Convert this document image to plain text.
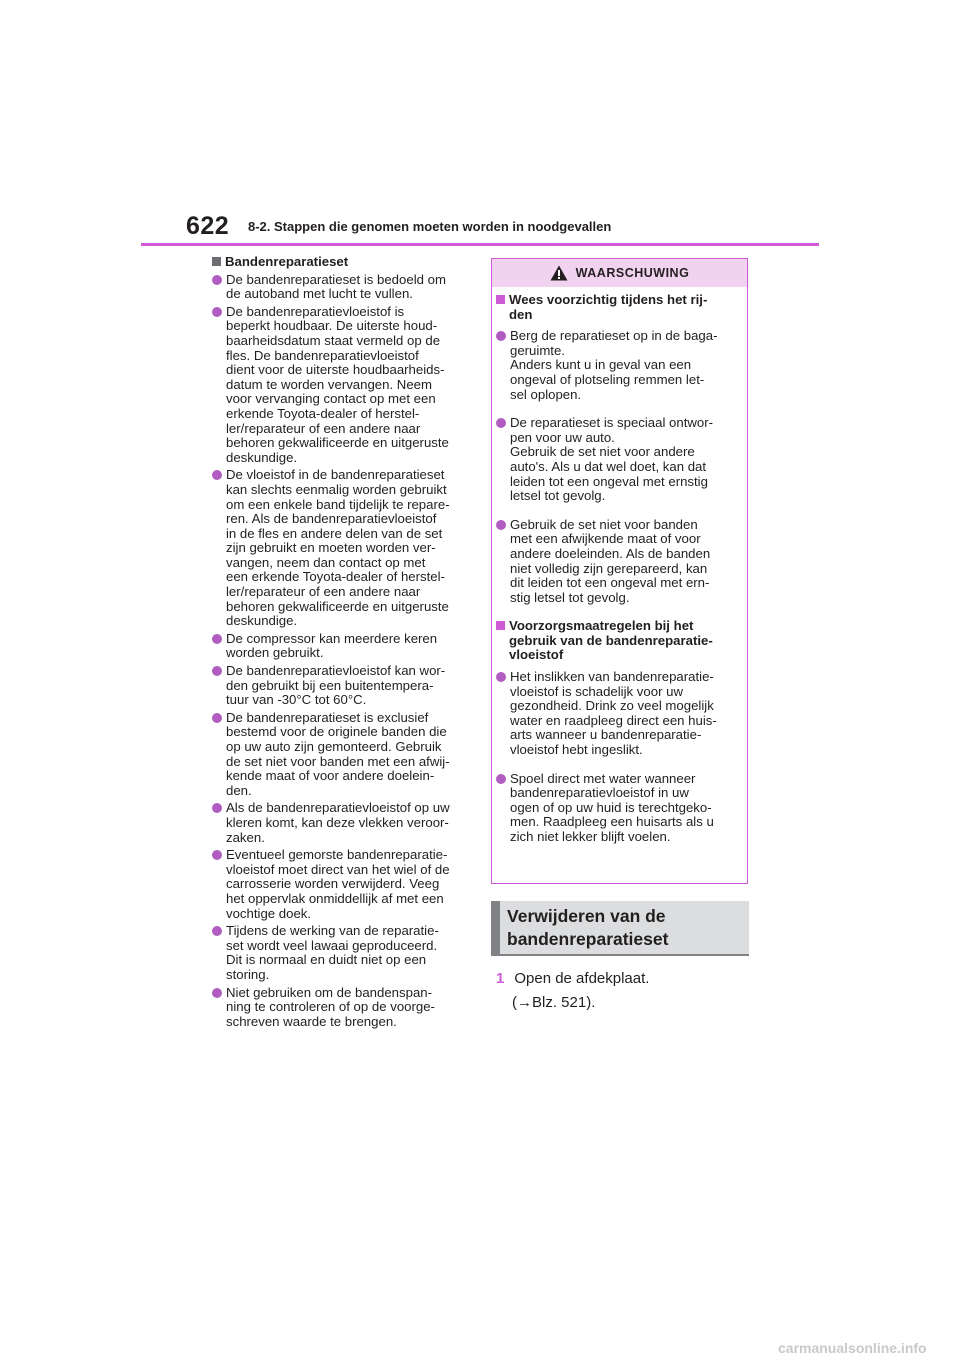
622 8-2. Stappen die genomen moeten worden in noodgevallen
Bandenreparatieset
De bandenreparatieset is bedoeld om
de autoband met lucht te vullen.
De bandenreparatievloeistof is
beperkt houdbaar. De uiterste houd-
baarheidsdatum staat vermeld op de
fles. De bandenreparatievloeistof
dient voor de uiterste houdbaarheids-
datum te worden vervangen. Neem
voor vervanging contact op met een
erkende Toyota-dealer of herstel-
ler/reparateur of een andere naar
behoren gekwalificeerde en uitgeruste
deskundige.
De vloeistof in de bandenreparatieset
kan slechts eenmalig worden gebruikt
om een enkele band tijdelijk te repare-
ren. Als de bandenreparatievloeistof
in de fles en andere delen van de set
zijn gebruikt en moeten worden ver-
vangen, neem dan contact op met
een erkende Toyota-dealer of herstel-
ler/reparateur of een andere naar
behoren gekwalificeerde en uitgeruste
deskundige.
De compressor kan meerdere keren
worden gebruikt.
De bandenreparatievloeistof kan wor-
den gebruikt bij een buitentempera-
tuur van -30°C tot 60°C.
De bandenreparatieset is exclusief
bestemd voor de originele banden die
op uw auto zijn gemonteerd. Gebruik
de set niet voor banden met een afwij-
kende maat of voor andere doelein-
den.
Als de bandenreparatievloeistof op uw
kleren komt, kan deze vlekken veroor-
zaken.
Eventueel gemorste bandenreparatie-
vloeistof moet direct van het wiel of de
carrosserie worden verwijderd. Veeg
het oppervlak onmiddellijk af met een
vochtige doek.
Tijdens de werking van de reparatie-
set wordt veel lawaai geproduceerd.
Dit is normaal en duidt niet op een
storing.
Niet gebruiken om de bandenspan-
ning te controleren of op de voorge-
schreven waarde te brengen.
WAARSCHUWING
Wees voorzichtig tijdens het rij-
den
Berg de reparatieset op in de baga-
geruimte.
Anders kunt u in geval van een
ongeval of plotseling remmen let-
sel oplopen.
De reparatieset is speciaal ontwor-
pen voor uw auto.
Gebruik de set niet voor andere
auto's. Als u dat wel doet, kan dat
leiden tot een ongeval met ernstig
letsel tot gevolg.
Gebruik de set niet voor banden
met een afwijkende maat of voor
andere doeleinden. Als de banden
niet volledig zijn gerepareerd, kan
dit leiden tot een ongeval met ern-
stig letsel tot gevolg.
Voorzorgsmaatregelen bij het
gebruik van de bandenreparatie-
vloeistof
Het inslikken van bandenreparatie-
vloeistof is schadelijk voor uw
gezondheid. Drink zo veel mogelijk
water en raadpleeg direct een huis-
arts wanneer u bandenreparatie-
vloeistof hebt ingeslikt.
Spoel direct met water wanneer
bandenreparatievloeistof in uw
ogen of op uw huid is terechtgeko-
men. Raadpleeg een huisarts als u
zich niet lekker blijft voelen.
Verwijderen van de
bandenreparatieset
1 Open de afdekplaat.
(→Blz. 521).
carmanualsonline.info
